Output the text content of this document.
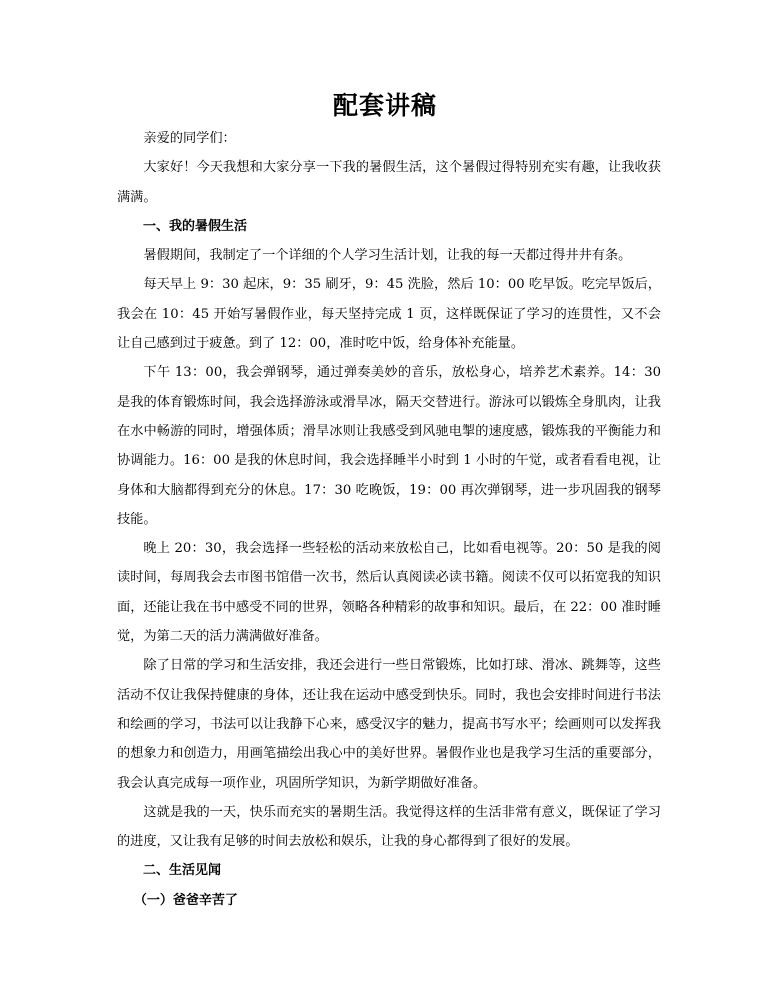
配套讲稿

亲爱的同学们：

大家好！今天我想和大家分享一下我的暑假生活，这个暑假过得特别充实有趣，让我收获满满。

一、我的暑假生活

暑假期间，我制定了一个详细的个人学习生活计划，让我的每一天都过得井井有条。

每天早上 9：30 起床，9：35 刷牙，9：45 洗脸，然后 10：00 吃早饭。吃完早饭后，我会在 10：45 开始写暑假作业，每天坚持完成 1 页，这样既保证了学习的连贯性，又不会让自己感到过于疲惫。到了 12：00，准时吃中饭，给身体补充能量。

下午 13：00，我会弹钢琴，通过弹奏美妙的音乐，放松身心，培养艺术素养。14：30 是我的体育锻炼时间，我会选择游泳或滑旱冰，隔天交替进行。游泳可以锻炼全身肌肉，让我在水中畅游的同时，增强体质；滑旱冰则让我感受到风驰电掣的速度感，锻炼我的平衡能力和协调能力。16：00 是我的休息时间，我会选择睡半小时到 1 小时的午觉，或者看看电视，让身体和大脑都得到充分的休息。17：30 吃晚饭，19：00 再次弹钢琴，进一步巩固我的钢琴技能。

晚上 20：30，我会选择一些轻松的活动来放松自己，比如看电视等。20：50 是我的阅读时间，每周我会去市图书馆借一次书，然后认真阅读必读书籍。阅读不仅可以拓宽我的知识面，还能让我在书中感受不同的世界，领略各种精彩的故事和知识。最后，在 22：00 准时睡觉，为第二天的活力满满做好准备。

除了日常的学习和生活安排，我还会进行一些日常锻炼，比如打球、滑冰、跳舞等，这些活动不仅让我保持健康的身体，还让我在运动中感受到快乐。同时，我也会安排时间进行书法和绘画的学习，书法可以让我静下心来，感受汉字的魅力，提高书写水平；绘画则可以发挥我的想象力和创造力，用画笔描绘出我心中的美好世界。暑假作业也是我学习生活的重要部分，我会认真完成每一项作业，巩固所学知识，为新学期做好准备。

这就是我的一天，快乐而充实的暑期生活。我觉得这样的生活非常有意义，既保证了学习的进度，又让我有足够的时间去放松和娱乐，让我的身心都得到了很好的发展。

二、生活见闻
（一）爸爸辛苦了
